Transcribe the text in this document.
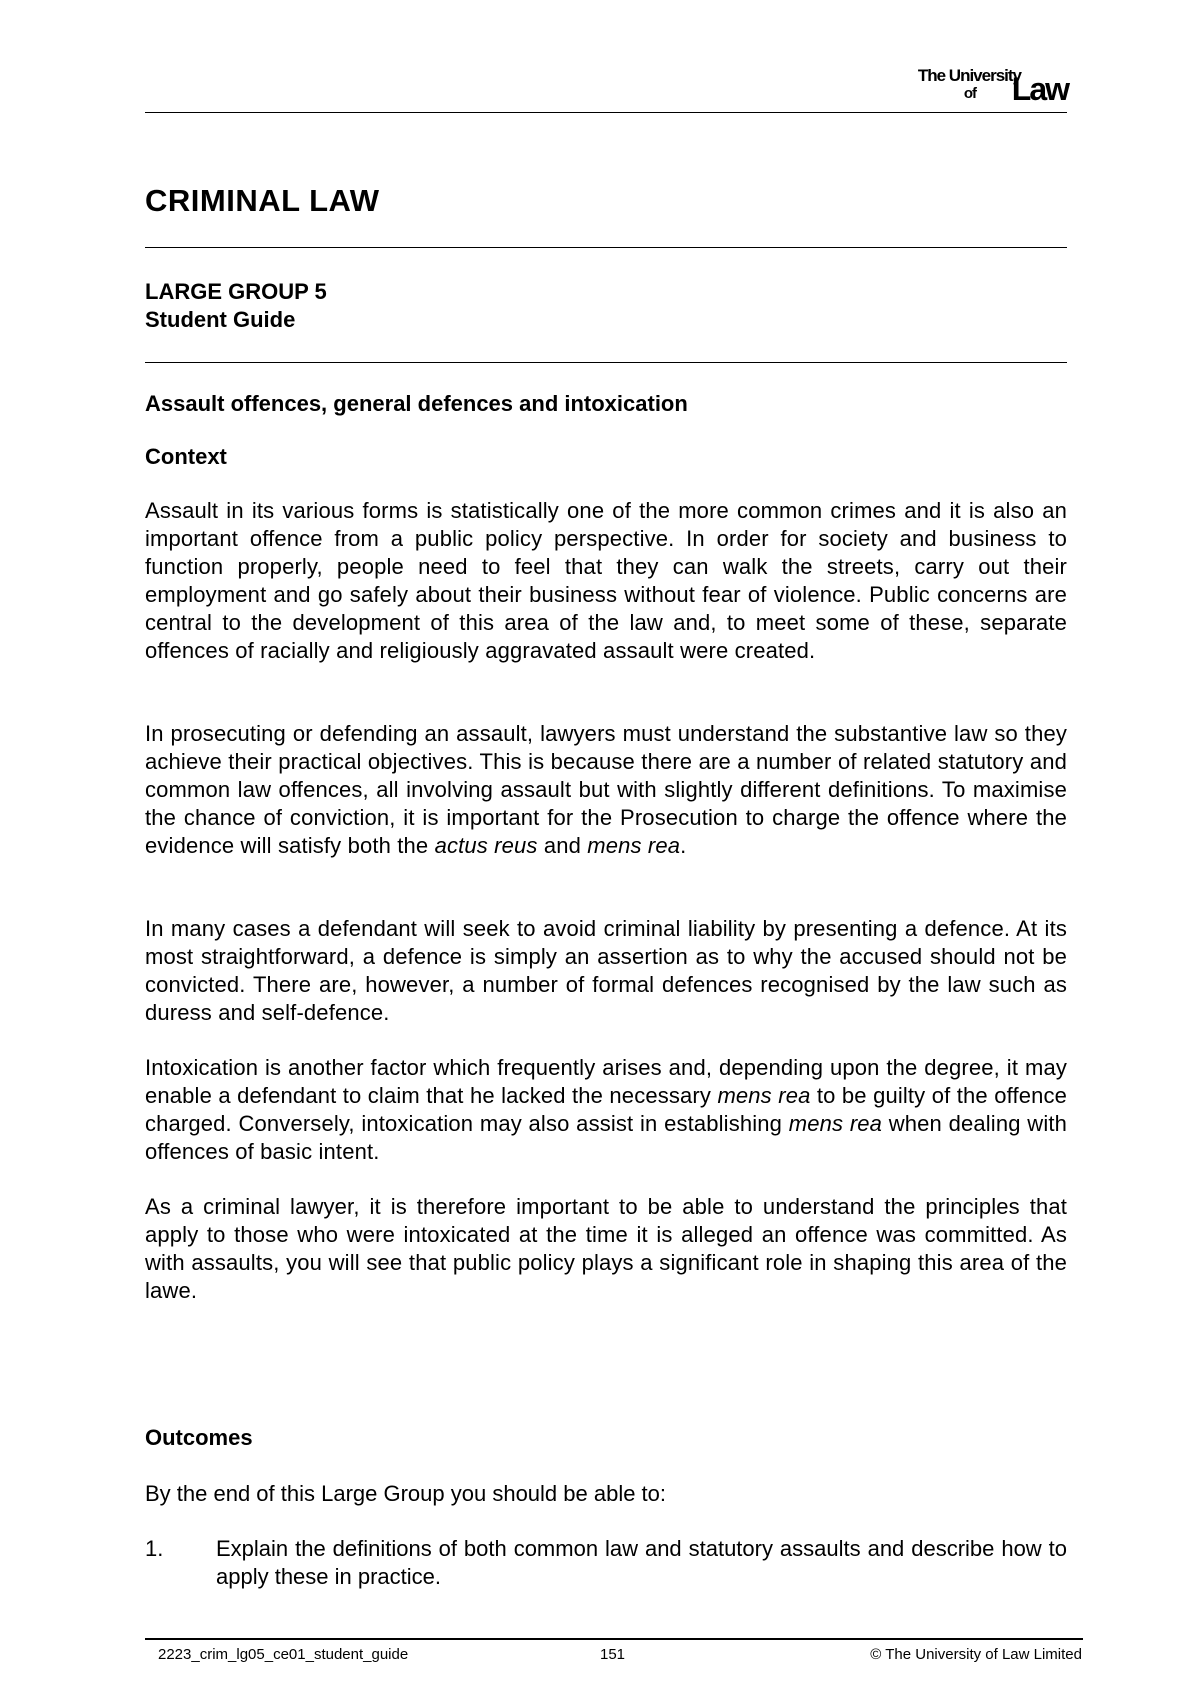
The University
of Law
CRIMINAL LAW
LARGE GROUP 5
Student Guide
Assault offences, general defences and intoxication
Context

Assault in its various forms is statistically one of the more common crimes and it is also an important offence from a public policy perspective. In order for society and business to function properly, people need to feel that they can walk the streets, carry out their employment and go safely about their business without fear of violence. Public concerns are central to the development of this area of the law and, to meet some of these, separate offences of racially and religiously aggravated assault were created.

In prosecuting or defending an assault, lawyers must understand the substantive law so they achieve their practical objectives. This is because there are a number of related statutory and common law offences, all involving assault but with slightly different definitions. To maximise the chance of conviction, it is important for the Prosecution to charge the offence where the evidence will satisfy both the actus reus and mens rea.

In many cases a defendant will seek to avoid criminal liability by presenting a defence. At its most straightforward, a defence is simply an assertion as to why the accused should not be convicted. There are, however, a number of formal defences recognised by the law such as duress and self-defence.

Intoxication is another factor which frequently arises and, depending upon the degree, it may enable a defendant to claim that he lacked the necessary mens rea to be guilty of the offence charged. Conversely, intoxication may also assist in establishing mens rea when dealing with offences of basic intent.

As a criminal lawyer, it is therefore important to be able to understand the principles that apply to those who were intoxicated at the time it is alleged an offence was committed. As with assaults, you will see that public policy plays a significant role in shaping this area of the lawe.

Outcomes
By the end of this Large Group you should be able to:
1. Explain the definitions of both common law and statutory assaults and describe how to apply these in practice.

2223_crim_lg05_ce01_student_guide	151	© The University of Law Limited
